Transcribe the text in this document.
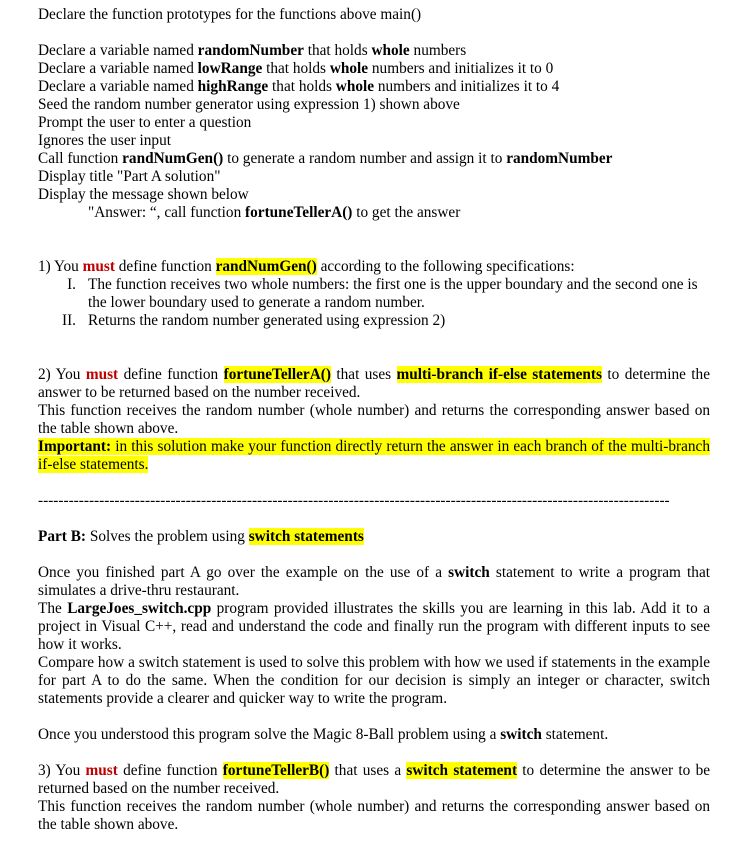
Declare the function prototypes for the functions above main()

Declare a variable named randomNumber that holds whole numbers

Declare a variable named lowRange that holds whole numbers and initializes it to 0

Declare a variable named highRange that holds whole numbers and initializes it to 4

Seed the random number generator using expression 1) shown above

Prompt the user to enter a question

Ignores the user input

Call function randNumGen() to generate a random number and assign it to randomNumber

Display title "Part A solution"

Display the message shown below

"Answer: “, call function fortuneTellerA() to get the answer

1) You must define function randNumGen() according to the following specifications:

I. The function receives two whole numbers: the first one is the upper boundary and the second one is the lower boundary used to generate a random number.
II. Returns the random number generated using expression 2)

2) You must define function fortuneTellerA() that uses multi-branch if-else statements to determine the answer to be returned based on the number received.

This function receives the random number (whole number) and returns the corresponding answer based on the table shown above.

Important: in this solution make your function directly return the answer in each branch of the multi-branch if-else statements.

----------------------------------------------------------------------------------------------------------------------------

Part B: Solves the problem using switch statements

Once you finished part A go over the example on the use of a switch statement to write a program that simulates a drive-thru restaurant.

The LargeJoes_switch.cpp program provided illustrates the skills you are learning in this lab. Add it to a project in Visual C++, read and understand the code and finally run the program with different inputs to see how it works.

Compare how a switch statement is used to solve this problem with how we used if statements in the example for part A to do the same. When the condition for our decision is simply an integer or character, switch statements provide a clearer and quicker way to write the program.

Once you understood this program solve the Magic 8-Ball problem using a switch statement.

3) You must define function fortuneTellerB() that uses a switch statement to determine the answer to be returned based on the number received.

This function receives the random number (whole number) and returns the corresponding answer based on the table shown above.
